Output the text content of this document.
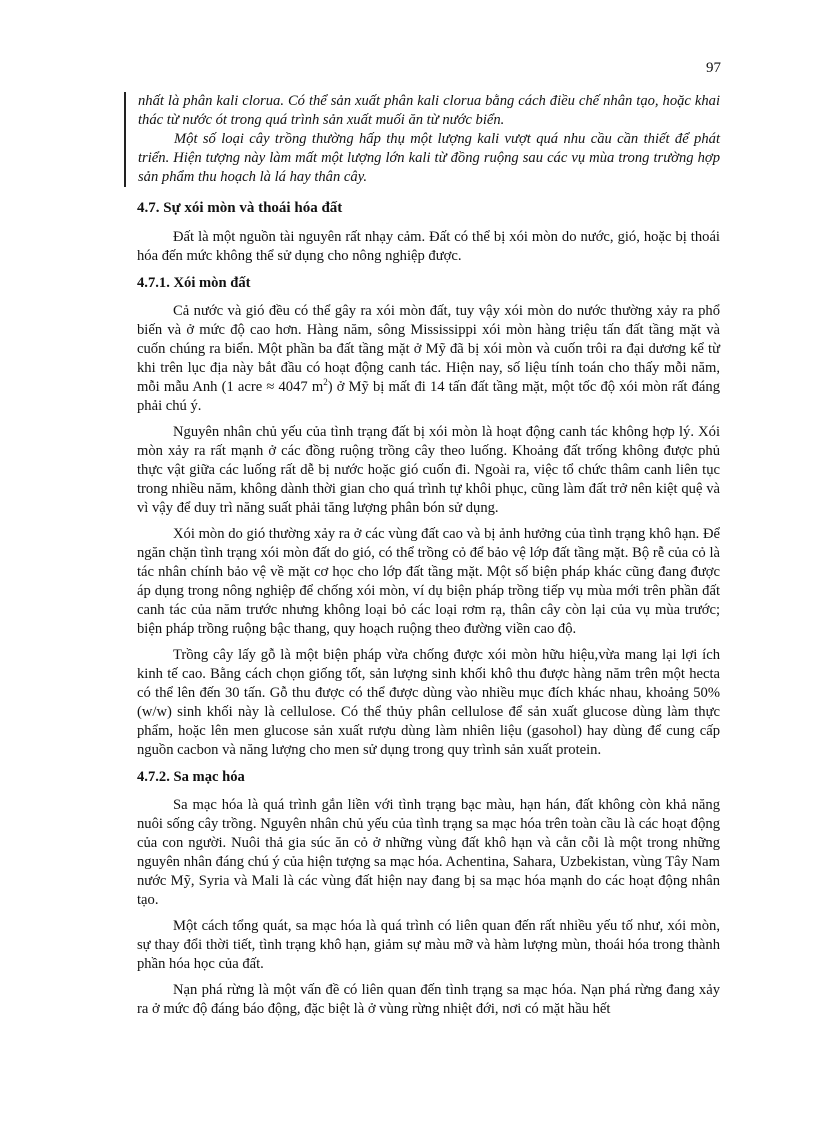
97

nhất là phân kali clorua. Có thể sản xuất phân kali clorua bằng cách điều chế nhân tạo, hoặc khai thác từ nước ót trong quá trình sản xuất muối ăn từ nước biển.

Một số loại cây trồng thường hấp thụ một lượng kali vượt quá nhu cầu cần thiết để phát triển. Hiện tượng này làm mất một lượng lớn kali từ đồng ruộng sau các vụ mùa trong trường hợp sản phẩm thu hoạch là lá hay thân cây.

4.7. Sự xói mòn và thoái hóa đất

Đất là một nguồn tài nguyên rất nhạy cảm. Đất có thể bị xói mòn do nước, gió, hoặc bị thoái hóa đến mức không thể sử dụng cho nông nghiệp được.

4.7.1. Xói mòn đất

Cả nước và gió đều có thể gây ra xói mòn đất, tuy vậy xói mòn do nước thường xảy ra phổ biến và ở mức độ cao hơn. Hàng năm, sông Mississippi xói mòn hàng triệu tấn đất tầng mặt và cuốn chúng ra biển. Một phần ba đất tầng mặt ở Mỹ đã bị xói mòn và cuốn trôi ra đại dương kể từ khi trên lục địa này bắt đầu có hoạt động canh tác. Hiện nay, số liệu tính toán cho thấy mỗi năm, mỗi mẫu Anh (1 acre ≈ 4047 $m^2$) ở Mỹ bị mất đi 14 tấn đất tầng mặt, một tốc độ xói mòn rất đáng phải chú ý.

Nguyên nhân chủ yếu của tình trạng đất bị xói mòn là hoạt động canh tác không hợp lý. Xói mòn xảy ra rất mạnh ở các đồng ruộng trồng cây theo luống. Khoảng đất trống không được phủ thực vật giữa các luống rất dễ bị nước hoặc gió cuốn đi. Ngoài ra, việc tổ chức thâm canh liên tục trong nhiều năm, không dành thời gian cho quá trình tự khôi phục, cũng làm đất trở nên kiệt quệ và vì vậy để duy trì năng suất phải tăng lượng phân bón sử dụng.

Xói mòn do gió thường xảy ra ở các vùng đất cao và bị ảnh hưởng của tình trạng khô hạn. Để ngăn chặn tình trạng xói mòn đất do gió, có thể trồng cỏ để bảo vệ lớp đất tầng mặt. Bộ rễ của cỏ là tác nhân chính bảo vệ về mặt cơ học cho lớp đất tầng mặt. Một số biện pháp khác cũng đang được áp dụng trong nông nghiệp để chống xói mòn, ví dụ biện pháp trồng tiếp vụ mùa mới trên phần đất canh tác của năm trước nhưng không loại bỏ các loại rơm rạ, thân cây còn lại của vụ mùa trước; biện pháp trồng ruộng bậc thang, quy hoạch ruộng theo đường viền cao độ.

Trồng cây lấy gỗ là một biện pháp vừa chống được xói mòn hữu hiệu,vừa mang lại lợi ích kinh tế cao. Bằng cách chọn giống tốt, sản lượng sinh khối khô thu được hàng năm trên một hecta có thể lên đến 30 tấn. Gỗ thu được có thể được dùng vào nhiều mục đích khác nhau, khoảng 50% (w/w) sinh khối này là cellulose. Có thể thủy phân cellulose để sản xuất glucose dùng làm thực phẩm, hoặc lên men glucose sản xuất rượu dùng làm nhiên liệu (gasohol) hay dùng để cung cấp nguồn cacbon và năng lượng cho men sử dụng trong quy trình sản xuất protein.

4.7.2. Sa mạc hóa

Sa mạc hóa là quá trình gắn liền với tình trạng bạc màu, hạn hán, đất không còn khả năng nuôi sống cây trồng. Nguyên nhân chủ yếu của tình trạng sa mạc hóa trên toàn cầu là các hoạt động của con người. Nuôi thả gia súc ăn cỏ ở những vùng đất khô hạn và cằn cỗi là một trong những nguyên nhân đáng chú ý của hiện tượng sa mạc hóa. Achentina, Sahara, Uzbekistan, vùng Tây Nam nước Mỹ, Syria và Mali là các vùng đất hiện nay đang bị sa mạc hóa mạnh do các hoạt động nhân tạo.

Một cách tổng quát, sa mạc hóa là quá trình có liên quan đến rất nhiều yếu tố như, xói mòn, sự thay đổi thời tiết, tình trạng khô hạn, giảm sự màu mỡ và hàm lượng mùn, thoái hóa trong thành phần hóa học của đất.

Nạn phá rừng là một vấn đề có liên quan đến tình trạng sa mạc hóa. Nạn phá rừng đang xảy ra ở mức độ đáng báo động, đặc biệt là ở vùng rừng nhiệt đới, nơi có mặt hầu hết
